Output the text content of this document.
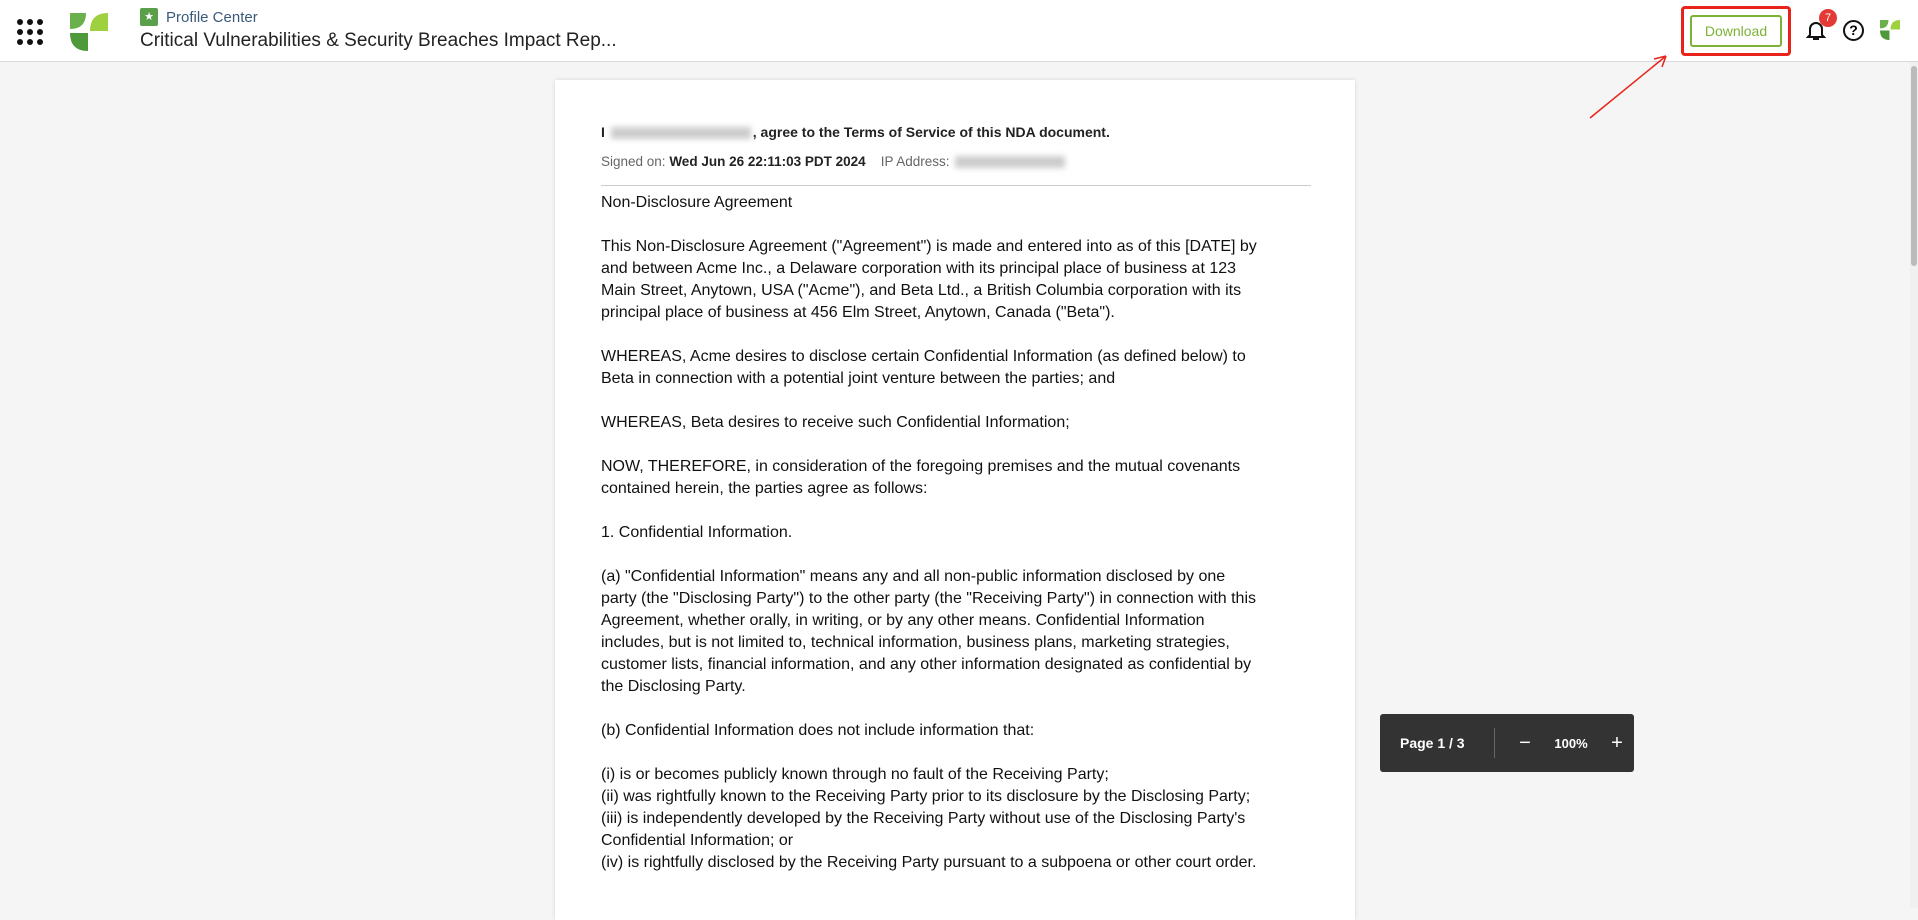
★ Profile Center
Critical Vulnerabilities & Security Breaches Impact Rep...	Download
7
?
I	, agree to the Terms of Service of this NDA document.
Signed on: Wed Jun 26 22:11:03 PDT 2024 IP Address:

Non-Disclosure Agreement

This Non-Disclosure Agreement ("Agreement") is made and entered into as of this [DATE] by
and between Acme Inc., a Delaware corporation with its principal place of business at 123
Main Street, Anytown, USA ("Acme"), and Beta Ltd., a British Columbia corporation with its
principal place of business at 456 Elm Street, Anytown, Canada ("Beta").

WHEREAS, Acme desires to disclose certain Confidential Information (as defined below) to
Beta in connection with a potential joint venture between the parties; and

WHEREAS, Beta desires to receive such Confidential Information;

NOW, THEREFORE, in consideration of the foregoing premises and the mutual covenants
contained herein, the parties agree as follows:

1. Confidential Information.

(a) "Confidential Information" means any and all non-public information disclosed by one
party (the "Disclosing Party") to the other party (the "Receiving Party") in connection with this
Agreement, whether orally, in writing, or by any other means. Confidential Information
includes, but is not limited to, technical information, business plans, marketing strategies,
customer lists, financial information, and any other information designated as confidential by
the Disclosing Party.

(b) Confidential Information does not include information that:

(i) is or becomes publicly known through no fault of the Receiving Party;
(ii) was rightfully known to the Receiving Party prior to its disclosure by the Disclosing Party;
(iii) is independently developed by the Receiving Party without use of the Disclosing Party's
Confidential Information; or
(iv) is rightfully disclosed by the Receiving Party pursuant to a subpoena or other court order.

Page 1 / 3	−	100%	+
